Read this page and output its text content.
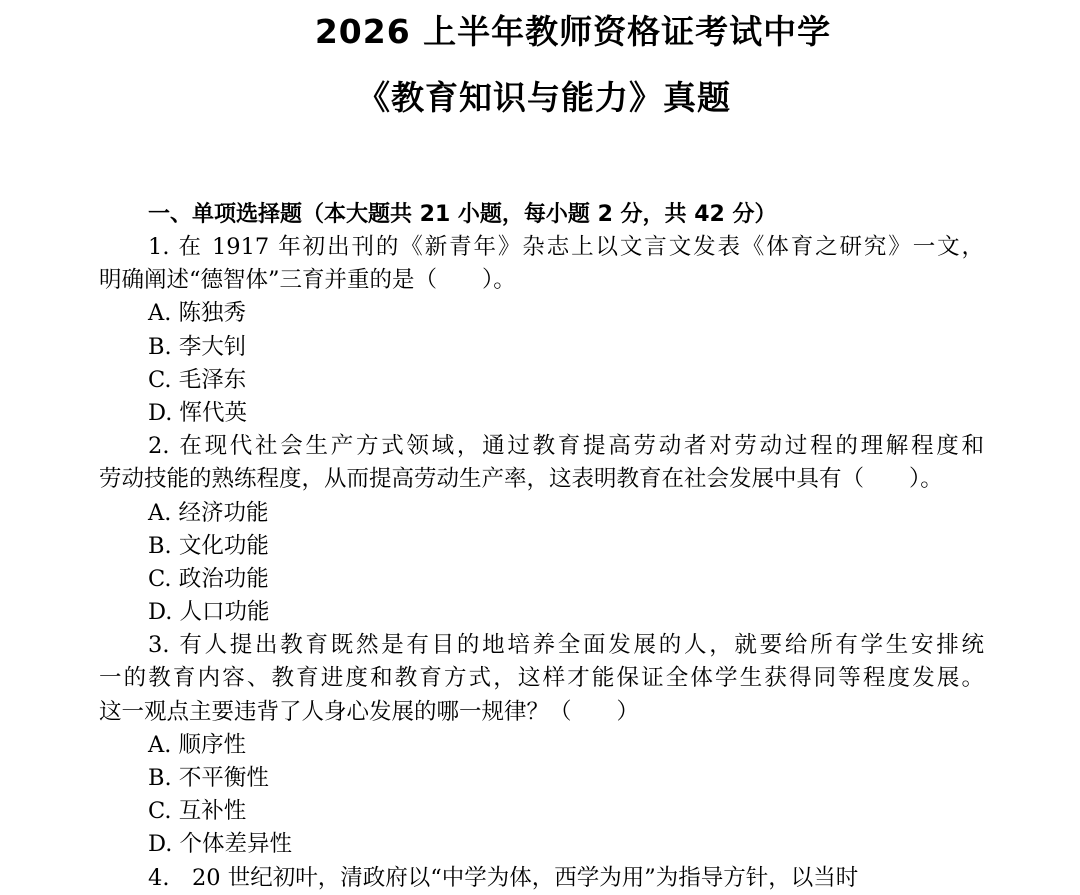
2026 上半年教师资格证考试中学
《教育知识与能力》真题
一、单项选择题（本大题共 21 小题，每小题 2 分，共 42 分）
1. 在 1917 年初出刊的《新青年》杂志上以文言文发表《体育之研究》一文，
明确阐述“德智体”三育并重的是（　　）。
A. 陈独秀
B. 李大钊
C. 毛泽东
D. 恽代英
2. 在现代社会生产方式领域，通过教育提高劳动者对劳动过程的理解程度和
劳动技能的熟练程度，从而提高劳动生产率，这表明教育在社会发展中具有（　　）。
A. 经济功能
B. 文化功能
C. 政治功能
D. 人口功能
3. 有人提出教育既然是有目的地培养全面发展的人，就要给所有学生安排统
一的教育内容、教育进度和教育方式，这样才能保证全体学生获得同等程度发展。
这一观点主要违背了人身心发展的哪一规律？（　　）
A. 顺序性
B. 不平衡性
C. 互补性
D. 个体差异性
4.　20 世纪初叶，清政府以“中学为体，西学为用”为指导方针，以当时
